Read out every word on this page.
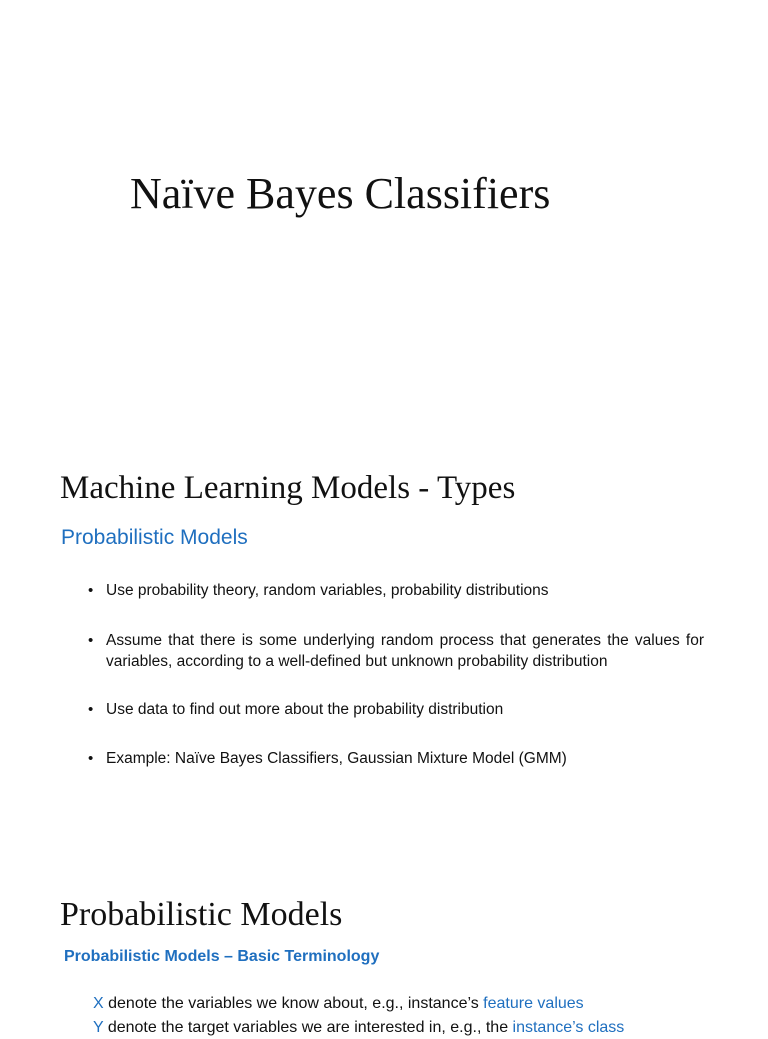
Naïve Bayes Classifiers
Machine Learning Models - Types
Probabilistic Models
• Use probability theory, random variables, probability distributions
• Assume that there is some underlying random process that generates the values for variables, according to a well-defined but unknown probability distribution
• Use data to find out more about the probability distribution
• Example: Naïve Bayes Classifiers, Gaussian Mixture Model (GMM)
Probabilistic Models
Probabilistic Models – Basic Terminology
X denote the variables we know about, e.g., instance’s feature values
Y denote the target variables we are interested in, e.g., the instance’s class
